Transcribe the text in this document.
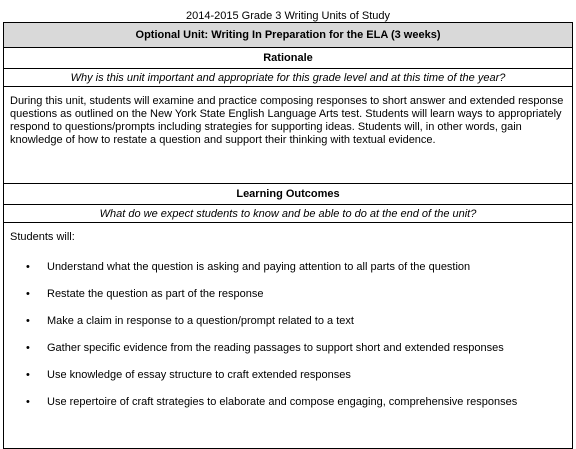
2014-2015 Grade 3 Writing Units of Study
Optional Unit: Writing In Preparation for the ELA (3 weeks)
Rationale
Why is this unit important and appropriate for this grade level and at this time of the year?
During this unit, students will examine and practice composing responses to short answer and extended response questions as outlined on the New York State English Language Arts test. Students will learn ways to appropriately respond to questions/prompts including strategies for supporting ideas. Students will, in other words, gain knowledge of how to restate a question and support their thinking with textual evidence.
Learning Outcomes
What do we expect students to know and be able to do at the end of the unit?

Students will:
• Understand what the question is asking and paying attention to all parts of the question
• Restate the question as part of the response
• Make a claim in response to a question/prompt related to a text
• Gather specific evidence from the reading passages to support short and extended responses
• Use knowledge of essay structure to craft extended responses
• Use repertoire of craft strategies to elaborate and compose engaging, comprehensive responses
